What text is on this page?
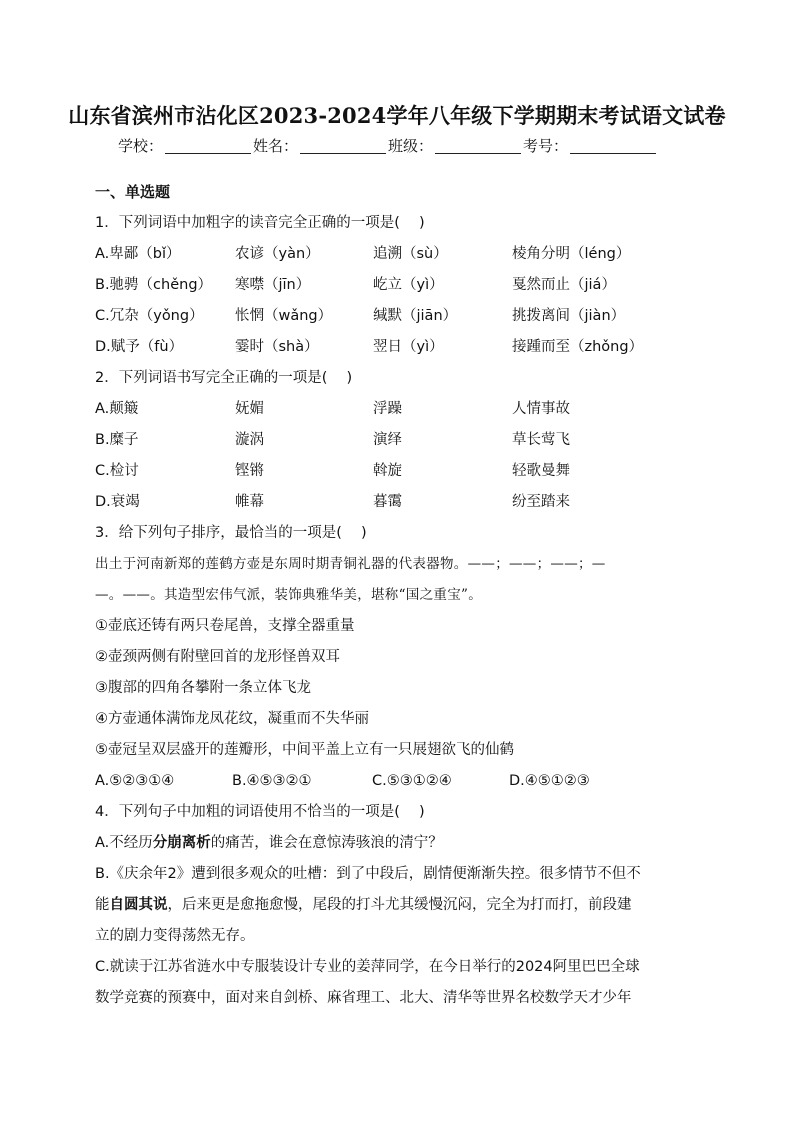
山东省滨州市沾化区2023-2024学年八年级下学期期末考试语文试卷
学校：	姓名：	班级：	考号：
一、单选题
1．下列词语中加粗字的读音完全正确的一项是(　 )
A.卑鄙（bǐ）	农谚（yàn）	追溯（sù）	棱角分明（léng）
B.驰骋（chěng） 寒噤（jīn）	屹立（yì）	戛然而止（jiá）
C.冗杂（yǒng） 怅惘（wǎng）	缄默（jiān）	挑拨离间（jiàn）
D.赋予（fù）	霎时（shà）	翌日（yì）	接踵而至（zhǒng）
2．下列词语书写完全正确的一项是(　 )
A.颠簸	妩媚	浮躁	人情事故
B.糜子	漩涡	演绎	草长莺飞
C.检讨	铿锵	斡旋	轻歌曼舞
D.衰竭	帷幕	暮霭	纷至踏来
3．给下列句子排序，最恰当的一项是(　 )
出土于河南新郑的莲鹤方壶是东周时期青铜礼器的代表器物。——；——；——；—
—。——。其造型宏伟气派，装饰典雅华美，堪称“国之重宝”。
①壶底还铸有两只卷尾兽，支撑全器重量
②壶颈两侧有附壁回首的龙形怪兽双耳
③腹部的四角各攀附一条立体飞龙
④方壶通体满饰龙凤花纹，凝重而不失华丽
⑤壶冠呈双层盛开的莲瓣形，中间平盖上立有一只展翅欲飞的仙鹤
A.⑤②③①④	B.④⑤③②①	C.⑤③①②④	D.④⑤①②③
4．下列句子中加粗的词语使用不恰当的一项是(　 )
A.不经历分崩离析的痛苦，谁会在意惊涛骇浪的清宁？
B.《庆余年2》遭到很多观众的吐槽：到了中段后，剧情便渐渐失控。很多情节不但不
能自圆其说，后来更是愈拖愈慢，尾段的打斗尤其缓慢沉闷，完全为打而打，前段建
立的剧力变得荡然无存。
C.就读于江苏省涟水中专服装设计专业的姜萍同学，在今日举行的2024阿里巴巴全球
数学竞赛的预赛中，面对来自剑桥、麻省理工、北大、清华等世界名校数学天才少年
